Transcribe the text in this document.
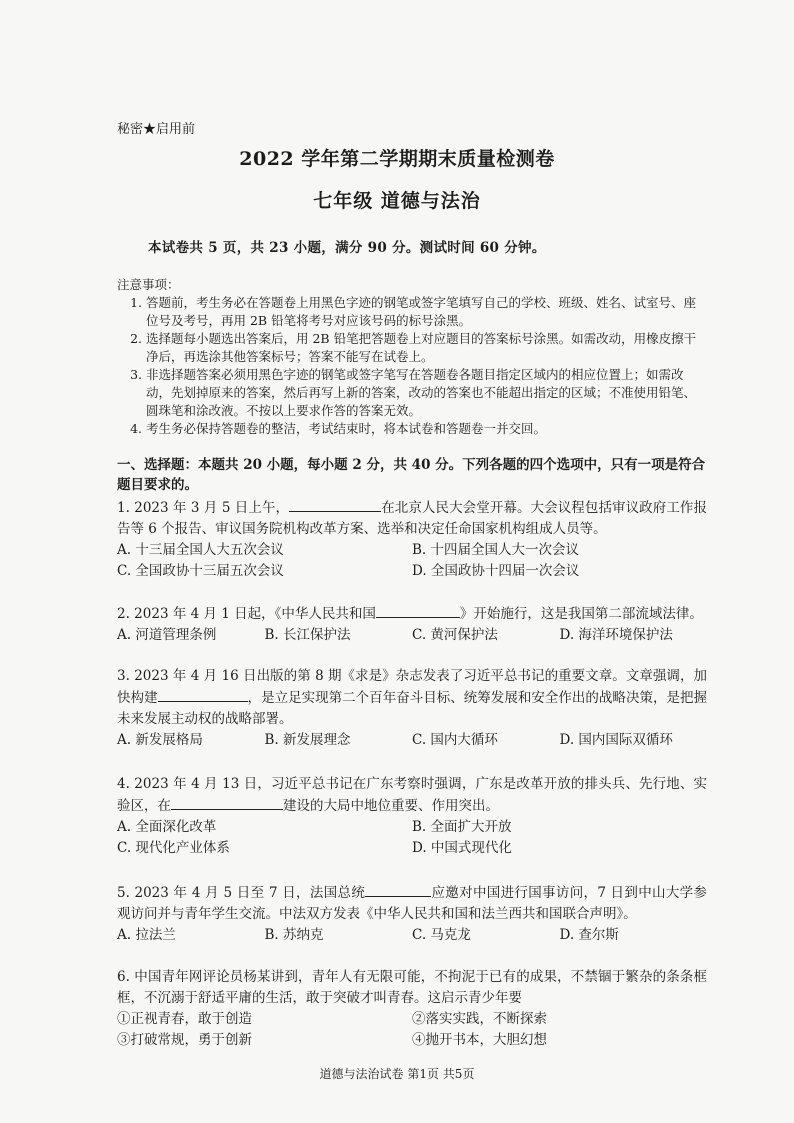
秘密★启用前
2022 学年第二学期期末质量检测卷
七年级 道德与法治
本试卷共 5 页，共 23 小题，满分 90 分。测试时间 60 分钟。
注意事项：
1. 答题前，考生务必在答题卷上用黑色字迹的钢笔或签字笔填写自己的学校、班级、姓名、试室号、座位号及考号，再用 2B 铅笔将考号对应该号码的标号涂黑。
2. 选择题每小题选出答案后，用 2B 铅笔把答题卷上对应题目的答案标号涂黑。如需改动，用橡皮擦干净后，再选涂其他答案标号；答案不能写在试卷上。
3. 非选择题答案必须用黑色字迹的钢笔或签字笔写在答题卷各题目指定区域内的相应位置上；如需改动，先划掉原来的答案，然后再写上新的答案，改动的答案也不能超出指定的区域；不准使用铅笔、圆珠笔和涂改液。不按以上要求作答的答案无效。
4. 考生务必保持答题卷的整洁，考试结束时，将本试卷和答题卷一并交回。
一、选择题：本题共 20 小题，每小题 2 分，共 40 分。下列各题的四个选项中，只有一项是符合题目要求的。
1. 2023 年 3 月 5 日上午，	在北京人民大会堂开幕。大会议程包括审议政府工作报告等 6 个报告、审议国务院机构改革方案、选举和决定任命国家机构组成人员等。
A. 十三届全国人大五次会议	B. 十四届全国人大一次会议
C. 全国政协十三届五次会议	D. 全国政协十四届一次会议
2. 2023 年 4 月 1 日起，《中华人民共和国	》开始施行，这是我国第二部流域法律。
A. 河道管理条例	B. 长江保护法	C. 黄河保护法	D. 海洋环境保护法
3. 2023 年 4 月 16 日出版的第 8 期《求是》杂志发表了习近平总书记的重要文章。文章强调，加快构建	，是立足实现第二个百年奋斗目标、统筹发展和安全作出的战略决策，是把握未来发展主动权的战略部署。
A. 新发展格局	B. 新发展理念	C. 国内大循环	D. 国内国际双循环
4. 2023 年 4 月 13 日，习近平总书记在广东考察时强调，广东是改革开放的排头兵、先行地、实验区，在	建设的大局中地位重要、作用突出。
A. 全面深化改革	B. 全面扩大开放
C. 现代化产业体系	D. 中国式现代化
5. 2023 年 4 月 5 日至 7 日，法国总统	应邀对中国进行国事访问，7 日到中山大学参观访问并与青年学生交流。中法双方发表《中华人民共和国和法兰西共和国联合声明》。
A. 拉法兰	B. 苏纳克	C. 马克龙	D. 查尔斯
6. 中国青年网评论员杨某讲到，青年人有无限可能，不拘泥于已有的成果，不禁锢于繁杂的条条框框，不沉溺于舒适平庸的生活，敢于突破才叫青春。这启示青少年要
①正视青春，敢于创造	②落实实践，不断探索
③打破常规，勇于创新	④抛开书本，大胆幻想
道德与法治试卷 第1页 共5页
